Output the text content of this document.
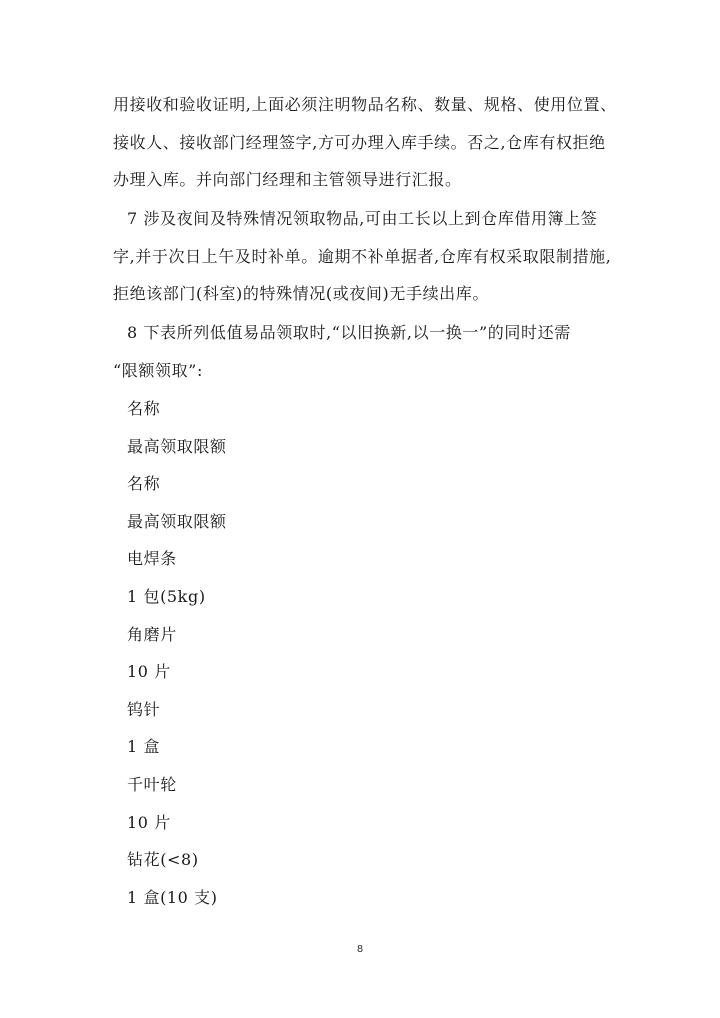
用接收和验收证明,上面必须注明物品名称、数量、规格、使用位置、
接收人、接收部门经理签字,方可办理入库手续。否之,仓库有权拒绝
办理入库。并向部门经理和主管领导进行汇报。
7 涉及夜间及特殊情况领取物品,可由工长以上到仓库借用簿上签
字,并于次日上午及时补单。逾期不补单据者,仓库有权采取限制措施,
拒绝该部门(科室)的特殊情况(或夜间)无手续出库。
8 下表所列低值易品领取时,“以旧换新,以一换一”的同时还需
“限额领取”:
名称
最高领取限额
名称
最高领取限额
电焊条
1 包(5kg)
角磨片
10 片
钨针
1 盒
千叶轮
10 片
钻花(<8)
1 盒(10 支)
8
